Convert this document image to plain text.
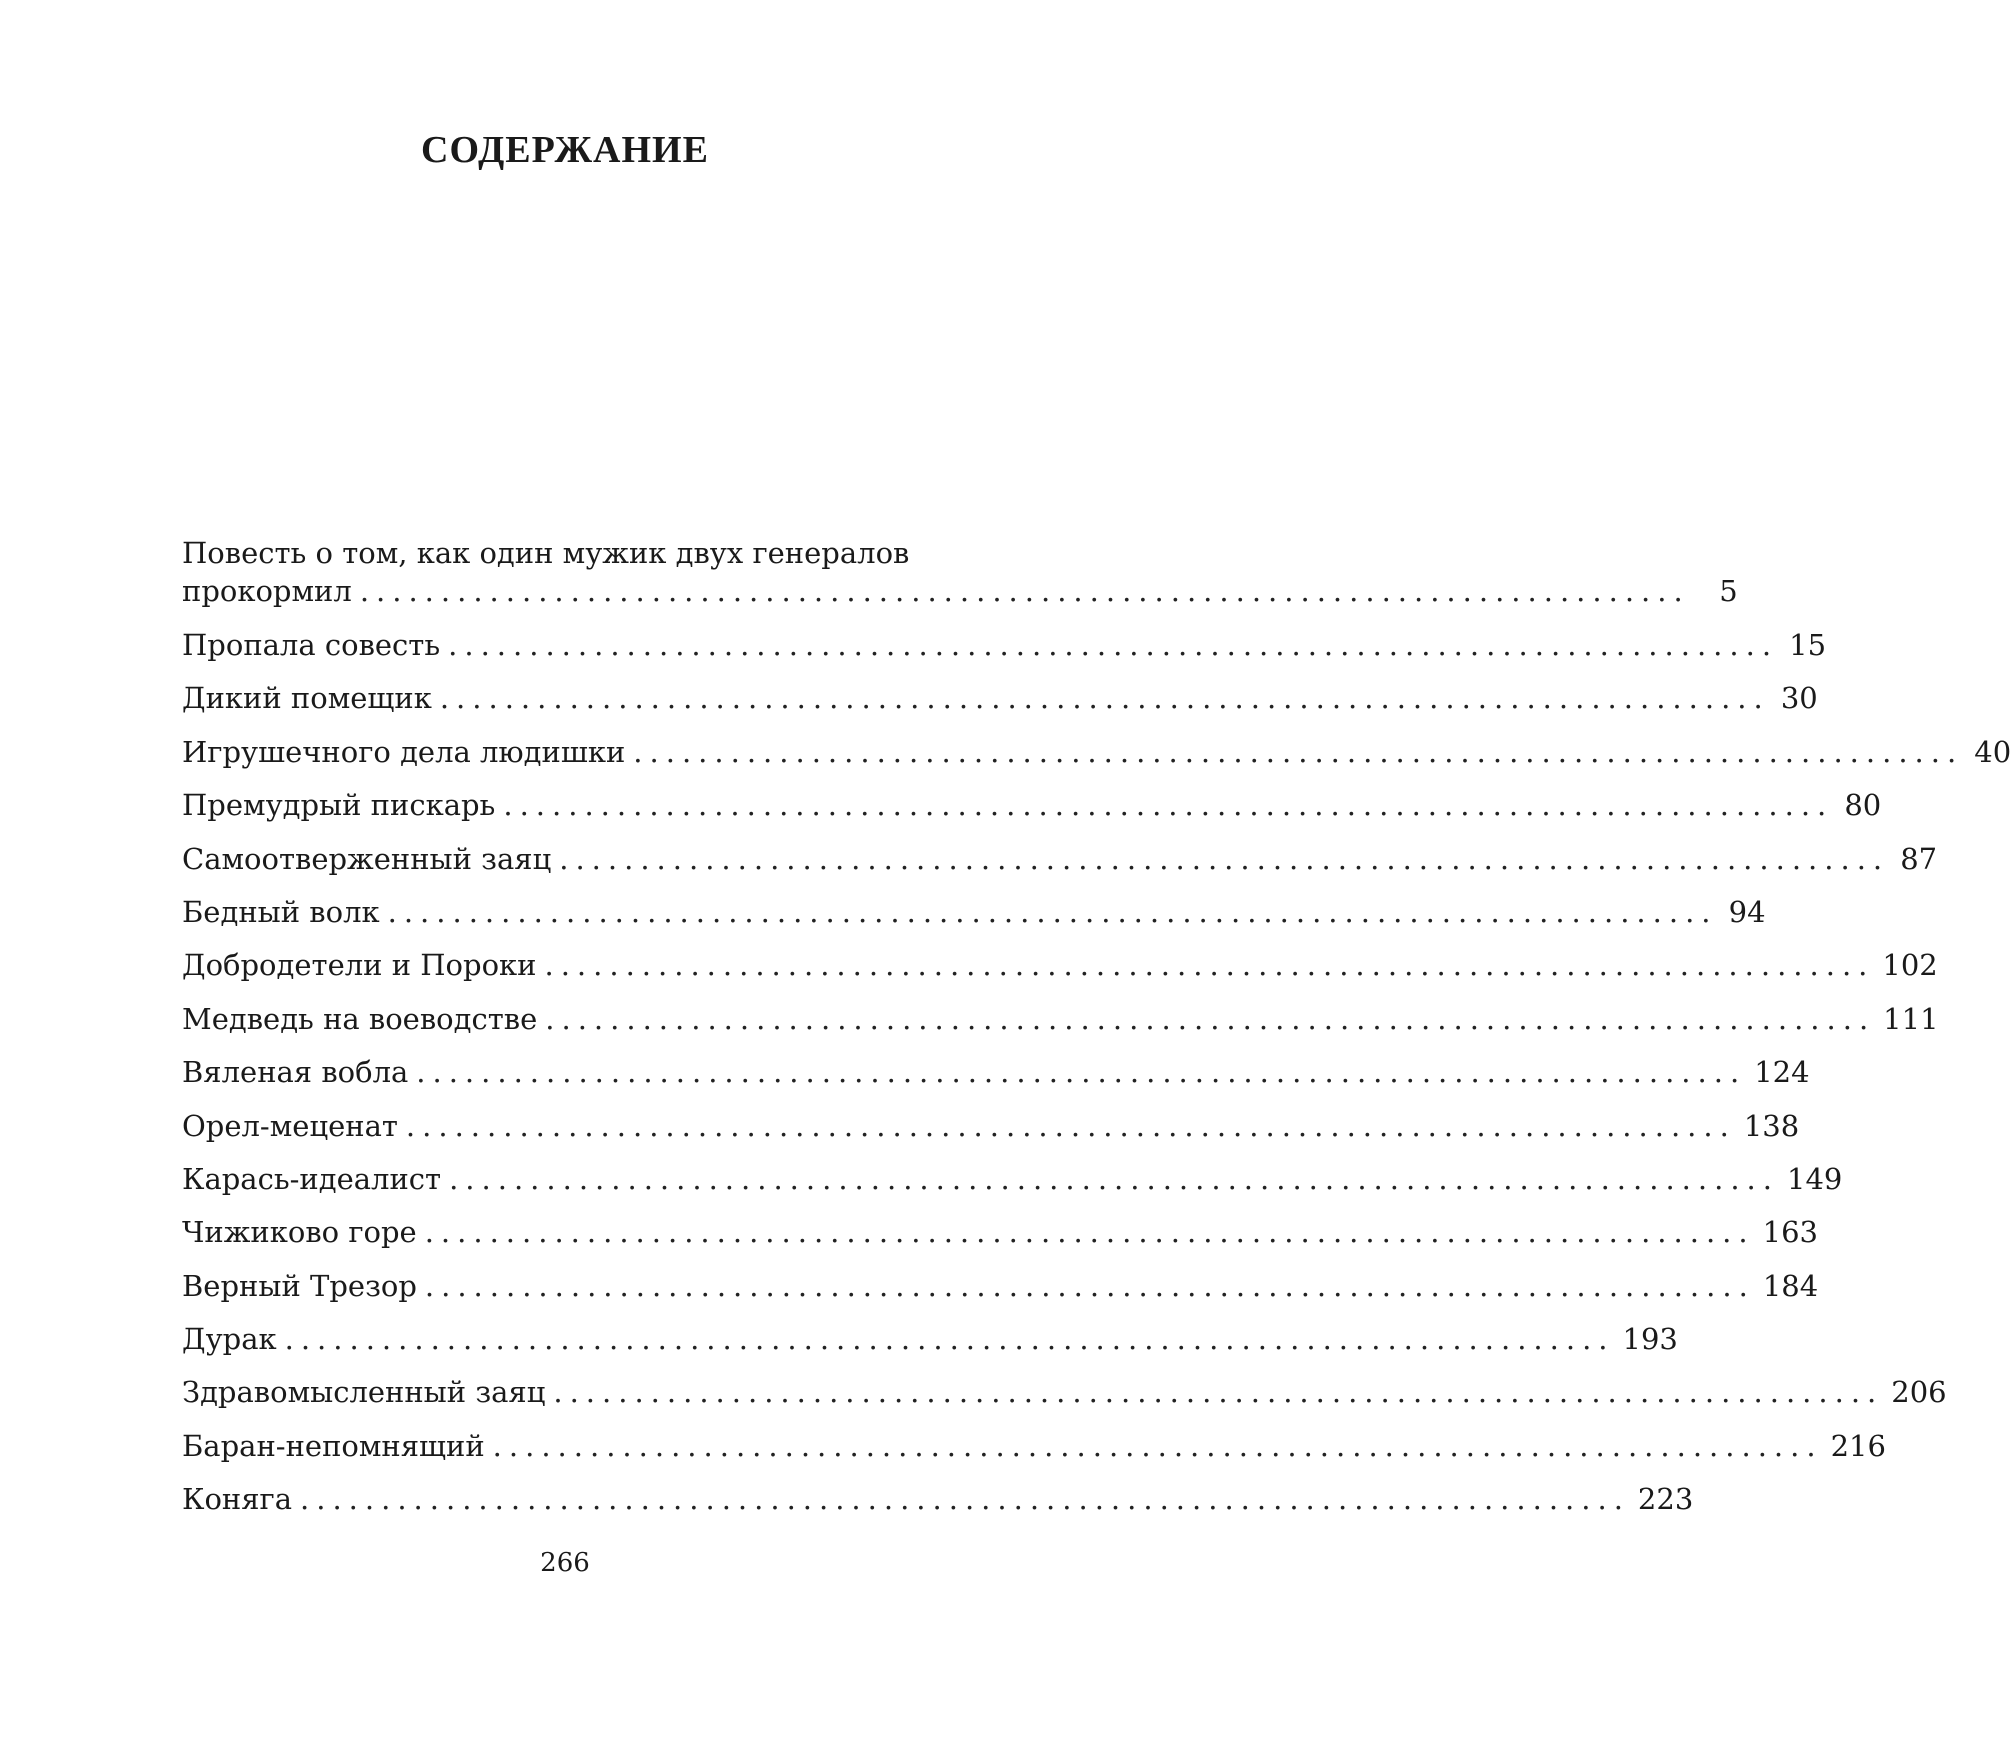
СОДЕРЖАНИЕ
Повесть о том, как один мужик двух генералов
прокормил ..................................................................................	5
Пропала совесть .................................................................................. 15
Дикий помещик .................................................................................. 30
Игрушечного дела людишки .................................................................................. 40
Премудрый пискарь .................................................................................. 80
Самоотверженный заяц .................................................................................. 87
Бедный волк .................................................................................. 94
Добродетели и Пороки .................................................................................. 102
Медведь на воеводстве .................................................................................. 111
Вяленая вобла .................................................................................. 124
Орел-меценат .................................................................................. 138
Карась-идеалист .................................................................................. 149
Чижиково горе .................................................................................. 163
Верный Трезор .................................................................................. 184
Дурак .................................................................................. 193
Здравомысленный заяц .................................................................................. 206
Баран-непомнящий .................................................................................. 216
Коняга .................................................................................. 223
266
